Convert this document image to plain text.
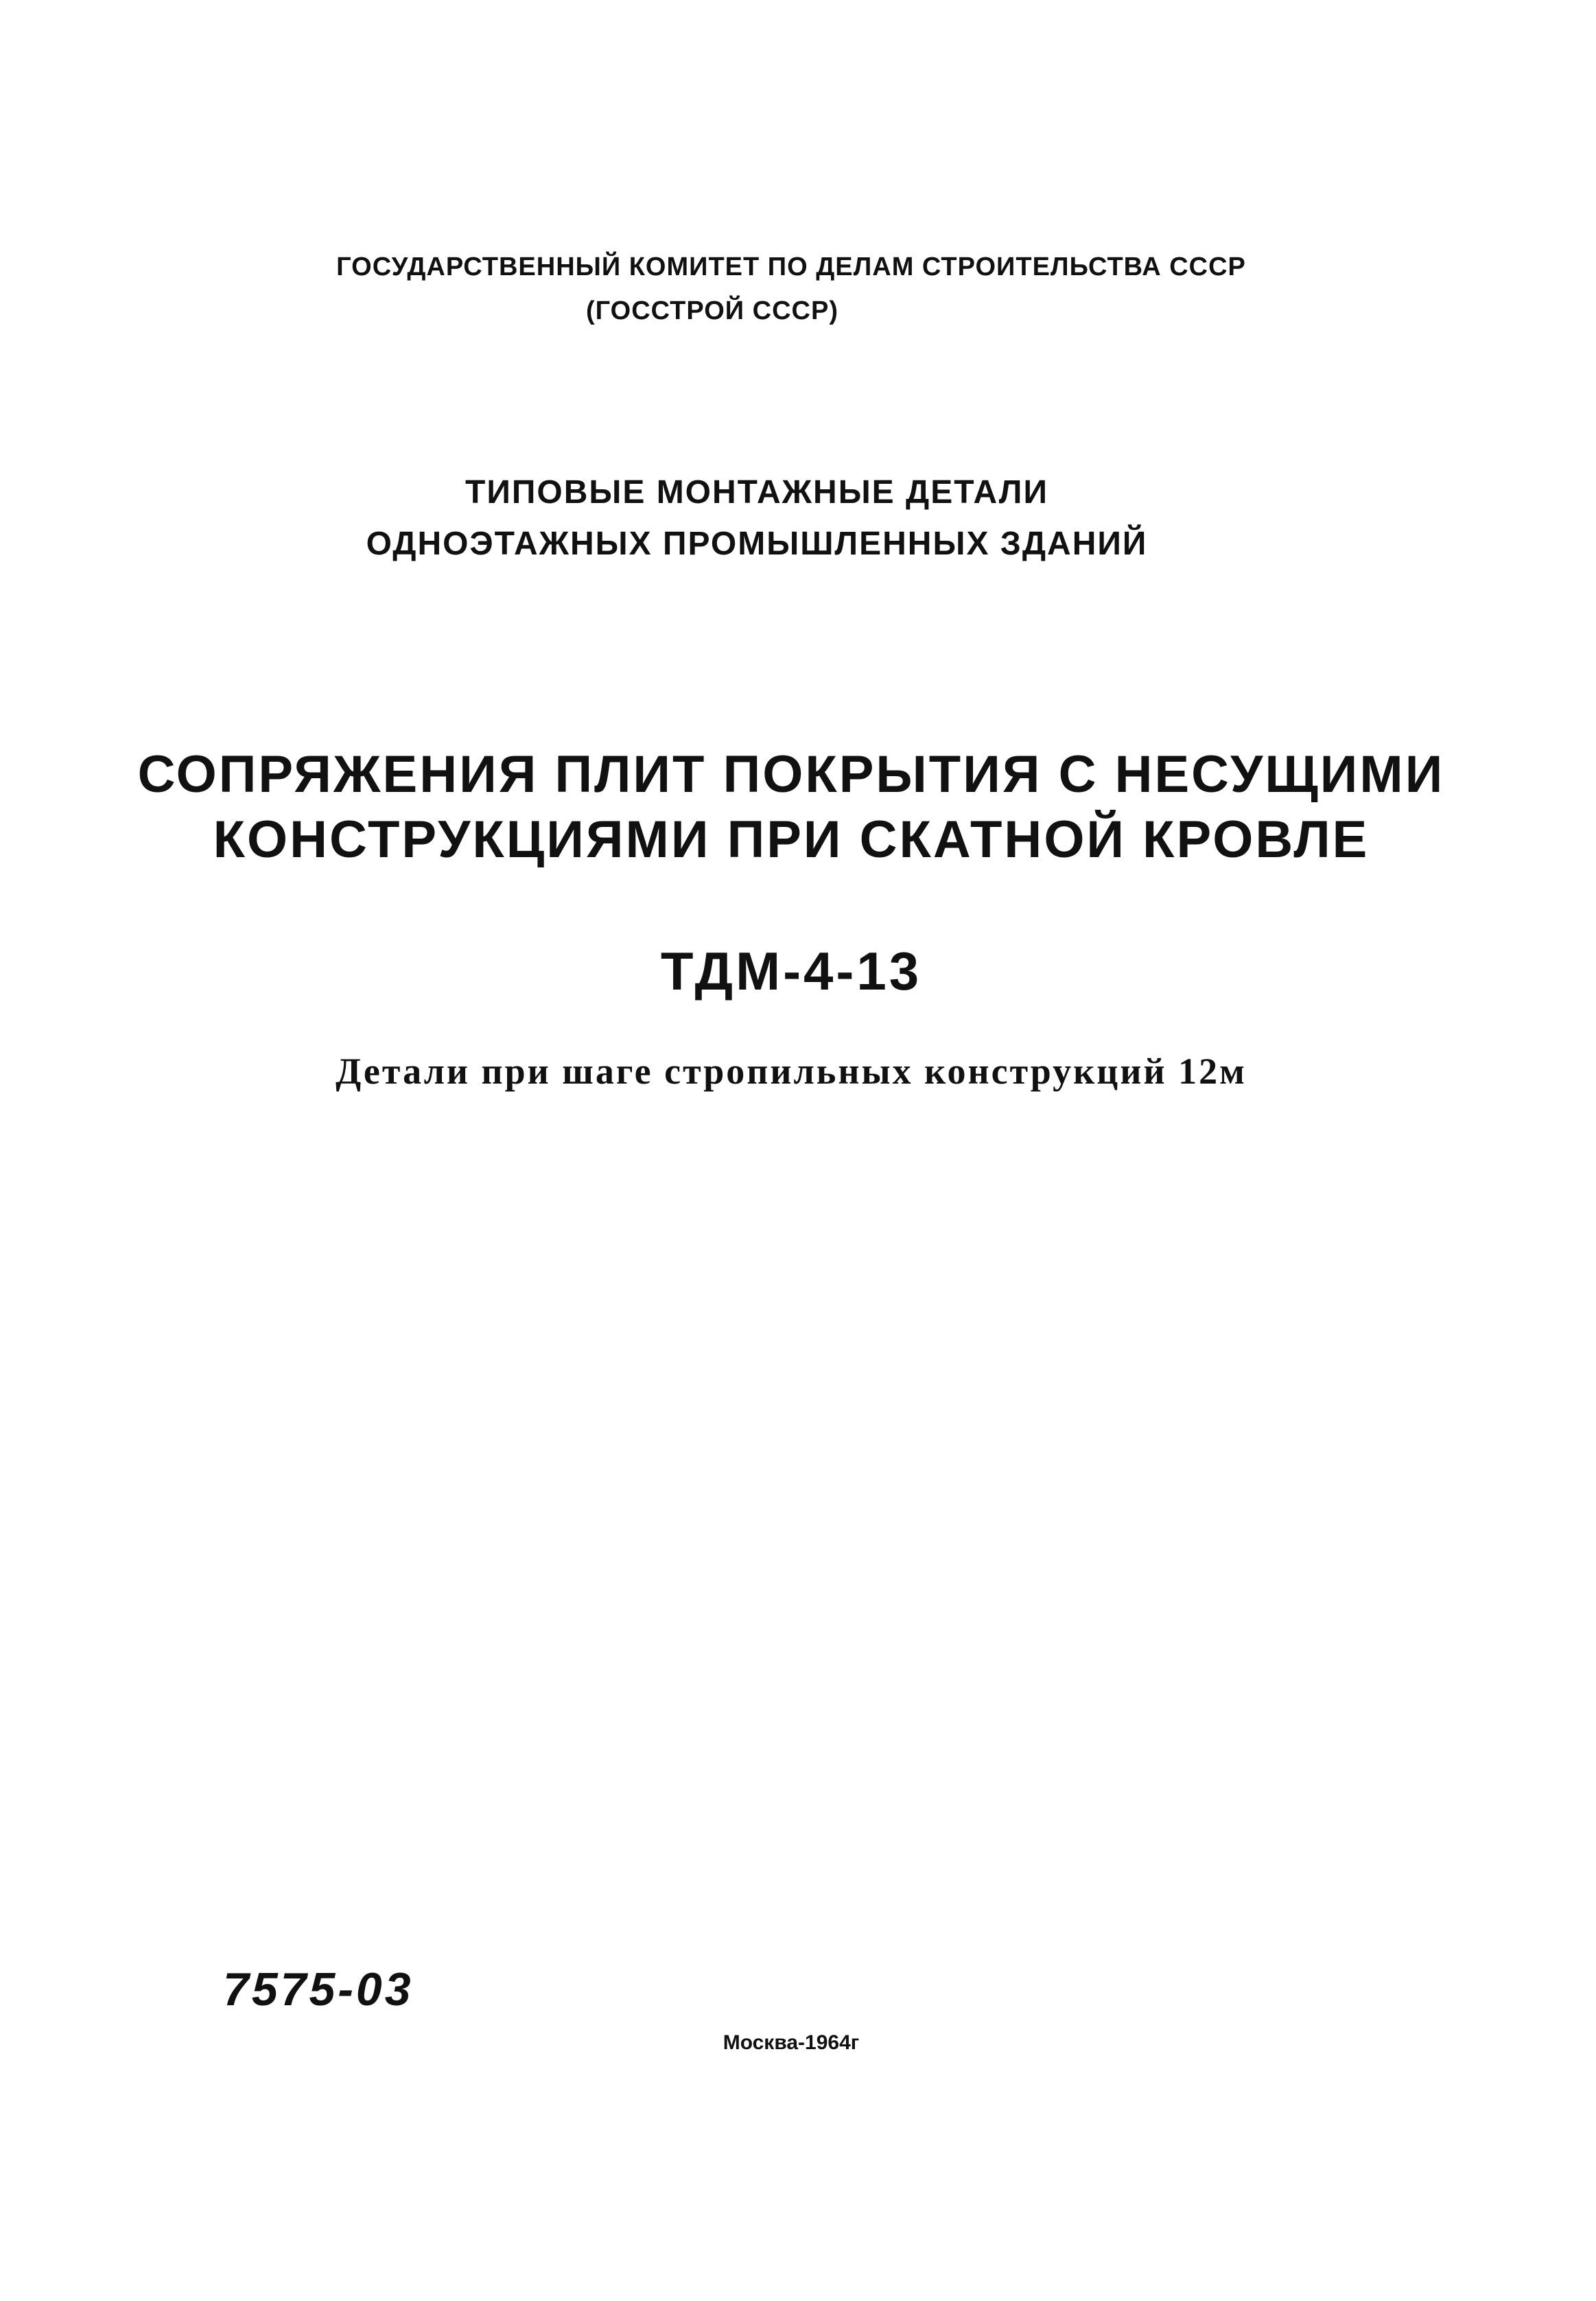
ГОСУДАРСТВЕННЫЙ КОМИТЕТ ПО ДЕЛАМ СТРОИТЕЛЬСТВА СССР
(ГОССТРОЙ СССР)
ТИПОВЫЕ МОНТАЖНЫЕ ДЕТАЛИ
ОДНОЭТАЖНЫХ ПРОМЫШЛЕННЫХ ЗДАНИЙ
СОПРЯЖЕНИЯ ПЛИТ ПОКРЫТИЯ С НЕСУЩИМИ
КОНСТРУКЦИЯМИ ПРИ СКАТНОЙ КРОВЛЕ
ТДМ-4-13
Детали при шаге стропильных конструкций 12м
7575-03
Москва-1964г
